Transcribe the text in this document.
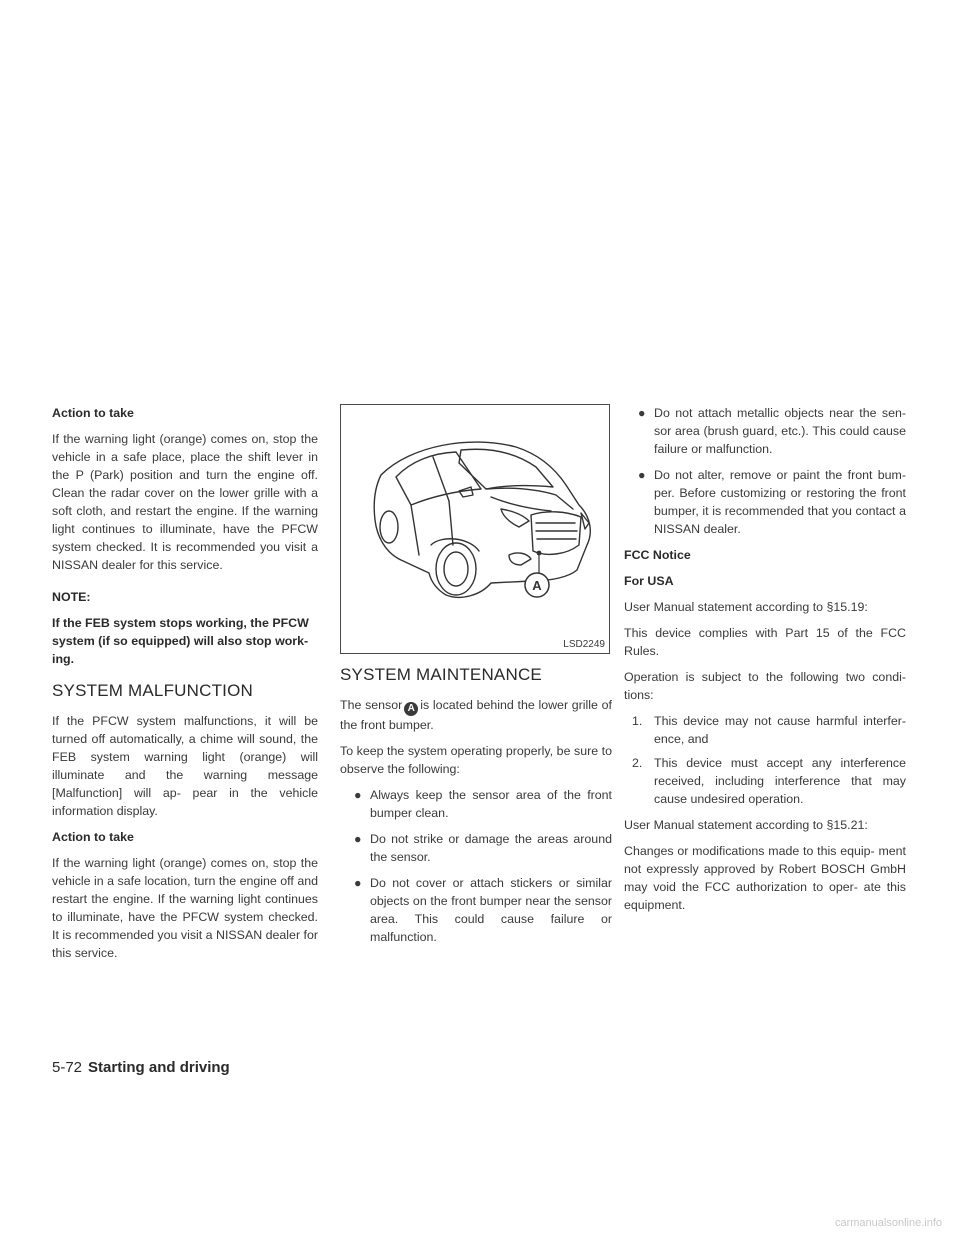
Action to take

If the warning light (orange) comes on, stop the vehicle in a safe place, place the shift lever in the P (Park) position and turn the engine off. Clean the radar cover on the lower grille with a soft cloth, and restart the engine. If the warning light continues to illuminate, have the PFCW system checked. It is recommended you visit a NISSAN dealer for this service.

NOTE:

If the FEB system stops working, the PFCW system (if so equipped) will also stop work- ing.

SYSTEM MALFUNCTION

If the PFCW system malfunctions, it will be turned off automatically, a chime will sound, the FEB system warning light (orange) will illuminate and the warning message [Malfunction] will ap- pear in the vehicle information display.

Action to take

If the warning light (orange) comes on, stop the vehicle in a safe location, turn the engine off and restart the engine. If the warning light continues to illuminate, have the PFCW system checked. It is recommended you visit a NISSAN dealer for this service.

A
LSD2249
SYSTEM MAINTENANCE

The sensor A is located behind the lower grille of the front bumper.

To keep the system operating properly, be sure to observe the following:

● Always keep the sensor area of the front bumper clean.
● Do not strike or damage the areas around the sensor.
● Do not cover or attach stickers or similar objects on the front bumper near the sensor area. This could cause failure or malfunction.
● Do not attach metallic objects near the sen- sor area (brush guard, etc.). This could cause failure or malfunction.
● Do not alter, remove or paint the front bum- per. Before customizing or restoring the front bumper, it is recommended that you contact a NISSAN dealer.

FCC Notice

For USA

User Manual statement according to §15.19:

This device complies with Part 15 of the FCC Rules.

Operation is subject to the following two condi- tions:

1. This device may not cause harmful interfer- ence, and
2. This device must accept any interference received, including interference that may cause undesired operation.

User Manual statement according to §15.21:

Changes or modifications made to this equip- ment not expressly approved by Robert BOSCH GmbH may void the FCC authorization to oper- ate this equipment.

5-72 Starting and driving
carmanualsonline.info
